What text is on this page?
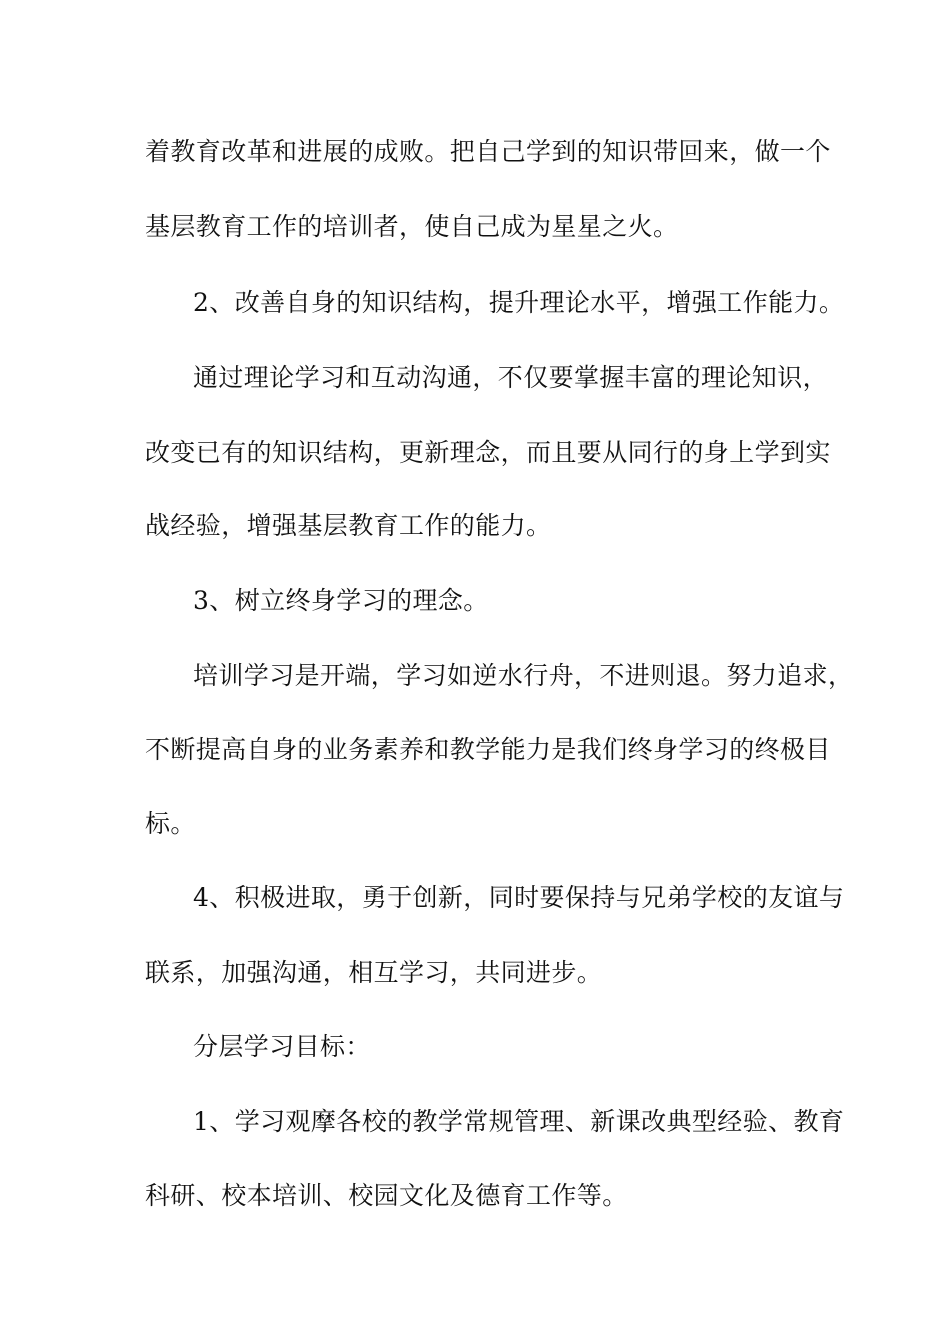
着教育改革和进展的成败。把自己学到的知识带回来，做一个
基层教育工作的培训者，使自己成为星星之火。
2、改善自身的知识结构，提升理论水平，增强工作能力。
通过理论学习和互动沟通，不仅要掌握丰富的理论知识，
改变已有的知识结构，更新理念，而且要从同行的身上学到实
战经验，增强基层教育工作的能力。
3、树立终身学习的理念。
培训学习是开端，学习如逆水行舟，不进则退。努力追求，
不断提高自身的业务素养和教学能力是我们终身学习的终极目
标。
4、积极进取，勇于创新，同时要保持与兄弟学校的友谊与
联系，加强沟通，相互学习，共同进步。
分层学习目标：
1、学习观摩各校的教学常规管理、新课改典型经验、教育
科研、校本培训、校园文化及德育工作等。
